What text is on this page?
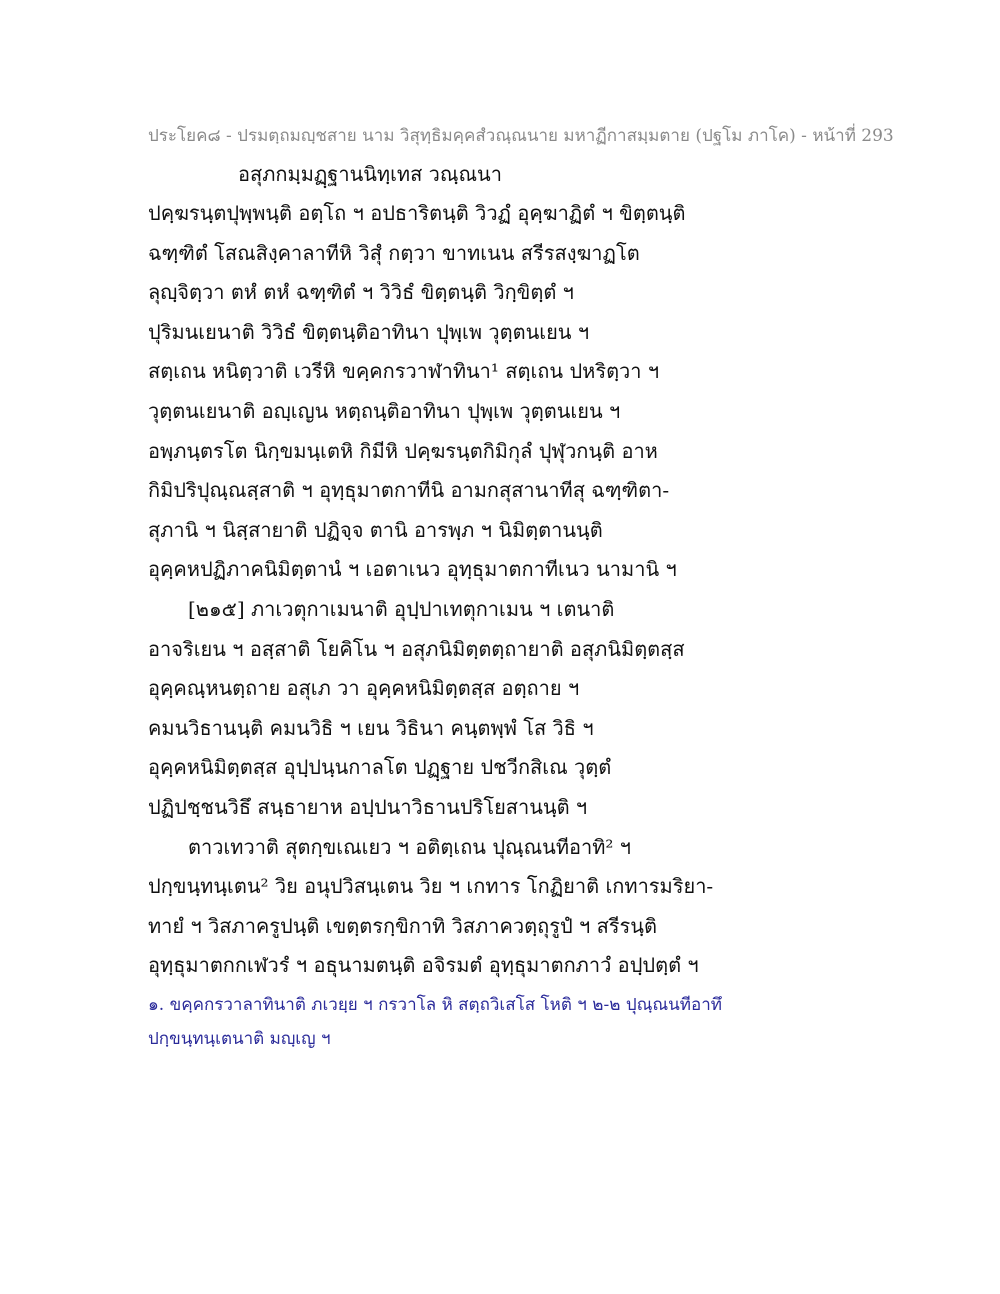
ประโยค๘ - ปรมตฺถมญฺชสาย นาม วิสุทฺธิมคฺคสํวณฺณนาย มหาฏีกาสมฺมตาย (ปฐโม ภาโค) - หน้าที่ 293
อสุภกมฺมฏฺฐานนิทฺเทส วณฺณนา
ปคฺฆรนฺตปุพฺพนฺติ อตฺโถ ฯ อปธาริตนฺติ วิวฏํ อุคฺฆาฏิตํ ฯ ขิตฺตนฺติ
ฉฑฺฑิตํ โสณสิงฺคาลาทีหิ วิสุํ กตฺวา ขาทเนน สรีรสงฺฆาฏโต
ลุญฺจิตฺวา ตหํ ตหํ ฉฑฺฑิตํ ฯ วิวิธํ ขิตฺตนฺติ วิกฺขิตฺตํ ฯ
ปุริมนเยนาติ วิวิธํ ขิตฺตนฺติอาทินา ปุพฺเพ วุตฺตนเยน ฯ
สตฺเถน หนิตฺวาติ เวรีหิ ขคฺคกรวาฬาทินา¹ สตฺเถน ปหริตฺวา ฯ
วุตฺตนเยนาติ อญฺเญน หตฺถนฺติอาทินา ปุพฺเพ วุตฺตนเยน ฯ
อพฺภนฺตรโต นิกฺขมนฺเตหิ กิมีหิ ปคฺฆรนฺตกิมิกุลํ ปุฬุวกนฺติ อาห
กิมิปริปุณฺณสฺสาติ ฯ อุทฺธุมาตกาทีนิ อามกสุสานาทีสุ ฉฑฺฑิตา-
สุภานิ ฯ นิสฺสายาติ ปฏิจฺจ ตานิ อารพฺภ ฯ นิมิตฺตานนฺติ
อุคฺคหปฏิภาคนิมิตฺตานํ ฯ เอตาเนว อุทฺธุมาตกาทีเนว นามานิ ฯ
[๒๑๕] ภาเวตุกาเมนาติ อุปฺปาเทตุกาเมน ฯ เตนาติ
อาจริเยน ฯ อสฺสาติ โยคิโน ฯ อสุภนิมิตฺตตฺถายาติ อสุภนิมิตฺตสฺส
อุคฺคณฺหนตฺถาย อสุเภ วา อุคฺคหนิมิตฺตสฺส อตฺถาย ฯ
คมนวิธานนฺติ คมนวิธิ ฯ เยน วิธินา คนฺตพฺพํ โส วิธิ ฯ
อุคฺคหนิมิตฺตสฺส อุปฺปนฺนกาลโต ปฏฺฐาย ปชวีกสิเณ วุตฺตํ
ปฏิปชฺชนวิธึ สนฺธายาห อปฺปนาวิธานปริโยสานนฺติ ฯ
ตาวเทวาติ สุตกฺขเณเยว ฯ อติตฺเถน ปุณฺณนทีอาทิ² ฯ
ปกฺขนฺทนฺเตน² วิย อนุปวิสนฺเตน วิย ฯ เกทาร โกฏิยาติ เกทารมริยา-
ทายํ ฯ วิสภาครูปนฺติ เขตฺตรกฺขิกาทิ วิสภาควตฺถุรูปํ ฯ สรีรนฺติ
อุทฺธุมาตกกเฬวรํ ฯ อธุนามตนฺติ อจิรมตํ อุทฺธุมาตกภาวํ อปฺปตฺตํ ฯ
๑. ขคฺคกรวาลาทินาติ ภเวยฺย ฯ กรวาโล หิ สตฺถวิเสโส โหติ ฯ ๒-๒ ปุณฺณนทีอาทึ
ปกฺขนฺทนฺเตนาติ มญฺเญ ฯ
